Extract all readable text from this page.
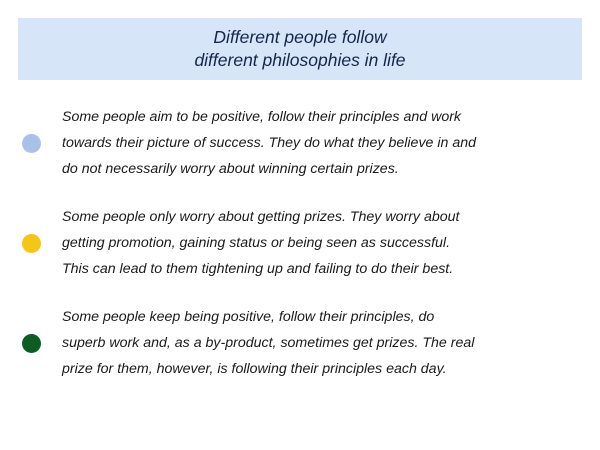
Different people follow
different philosophies in life
Some people aim to be positive, follow their principles and work
towards their picture of success. They do what they believe in and
do not necessarily worry about winning certain prizes.
Some people only worry about getting prizes. They worry about
getting promotion, gaining status or being seen as successful.
This can lead to them tightening up and failing to do their best.
Some people keep being positive, follow their principles, do
superb work and, as a by-product, sometimes get prizes. The real
prize for them, however, is following their principles each day.
